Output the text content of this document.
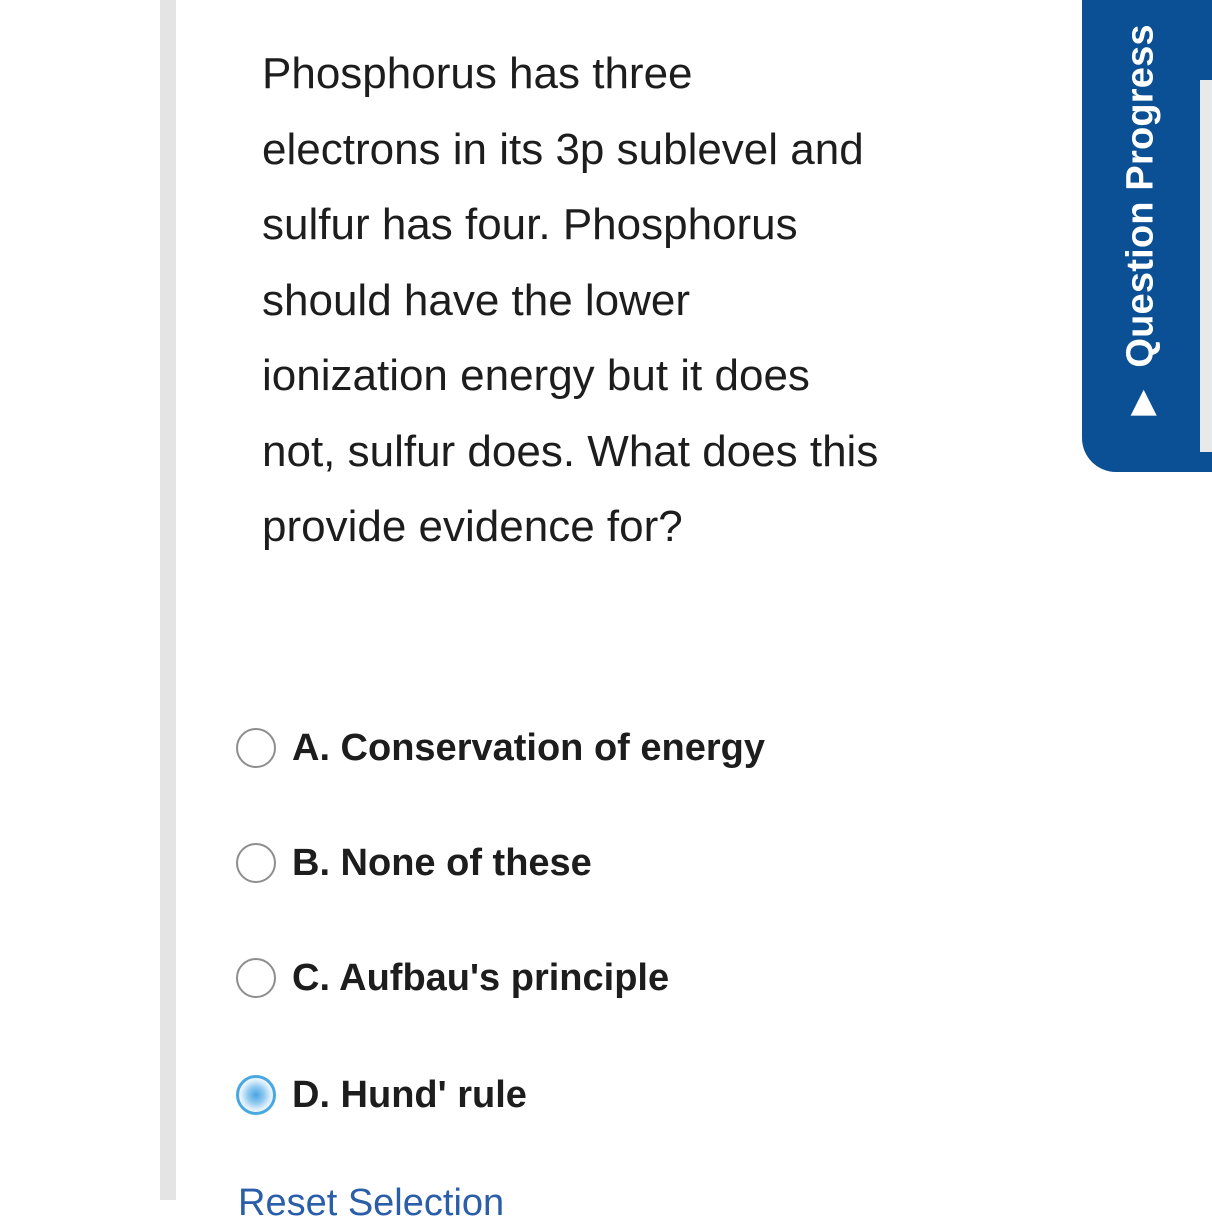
Phosphorus has three electrons in its 3p sublevel and sulfur has four. Phosphorus should have the lower ionization energy but it does not, sulfur does. What does this provide evidence for?

A. Conservation of energy
B. None of these
C. Aufbau's principle
D. Hund' rule
Reset Selection
▶
Question Progress
